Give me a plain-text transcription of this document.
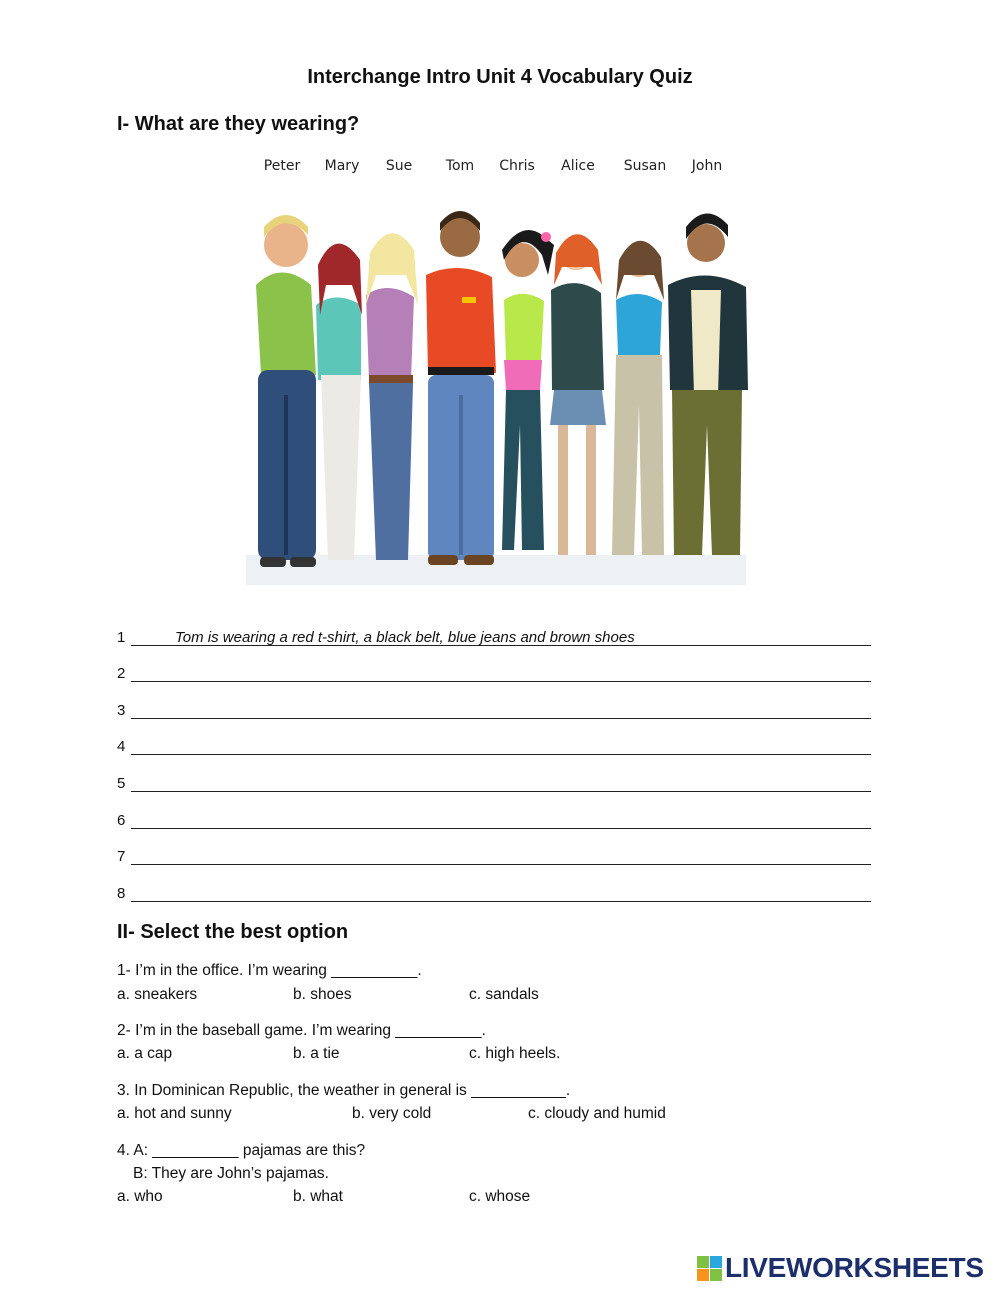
Interchange Intro Unit 4 Vocabulary Quiz
I- What are they wearing?
Peter Mary Sue Tom Chris Alice Susan John
1	Tom is wearing a red t-shirt, a black belt, blue jeans and brown shoes
2
3
4
5
6
7
8
II- Select the best option
1- I’m in the office. I’m wearing __________.
a. sneakers	b. shoes	c. sandals
2- I’m in the baseball game. I’m wearing __________.
a. a cap	b. a tie	c. high heels.
3. In Dominican Republic, the weather in general is ___________.
a. hot and sunny	b. very cold	c. cloudy and humid
4. A: __________ pajamas are this?
B: They are John’s pajamas.
a. who	b. what	c. whose
LIVEWORKSHEETS
